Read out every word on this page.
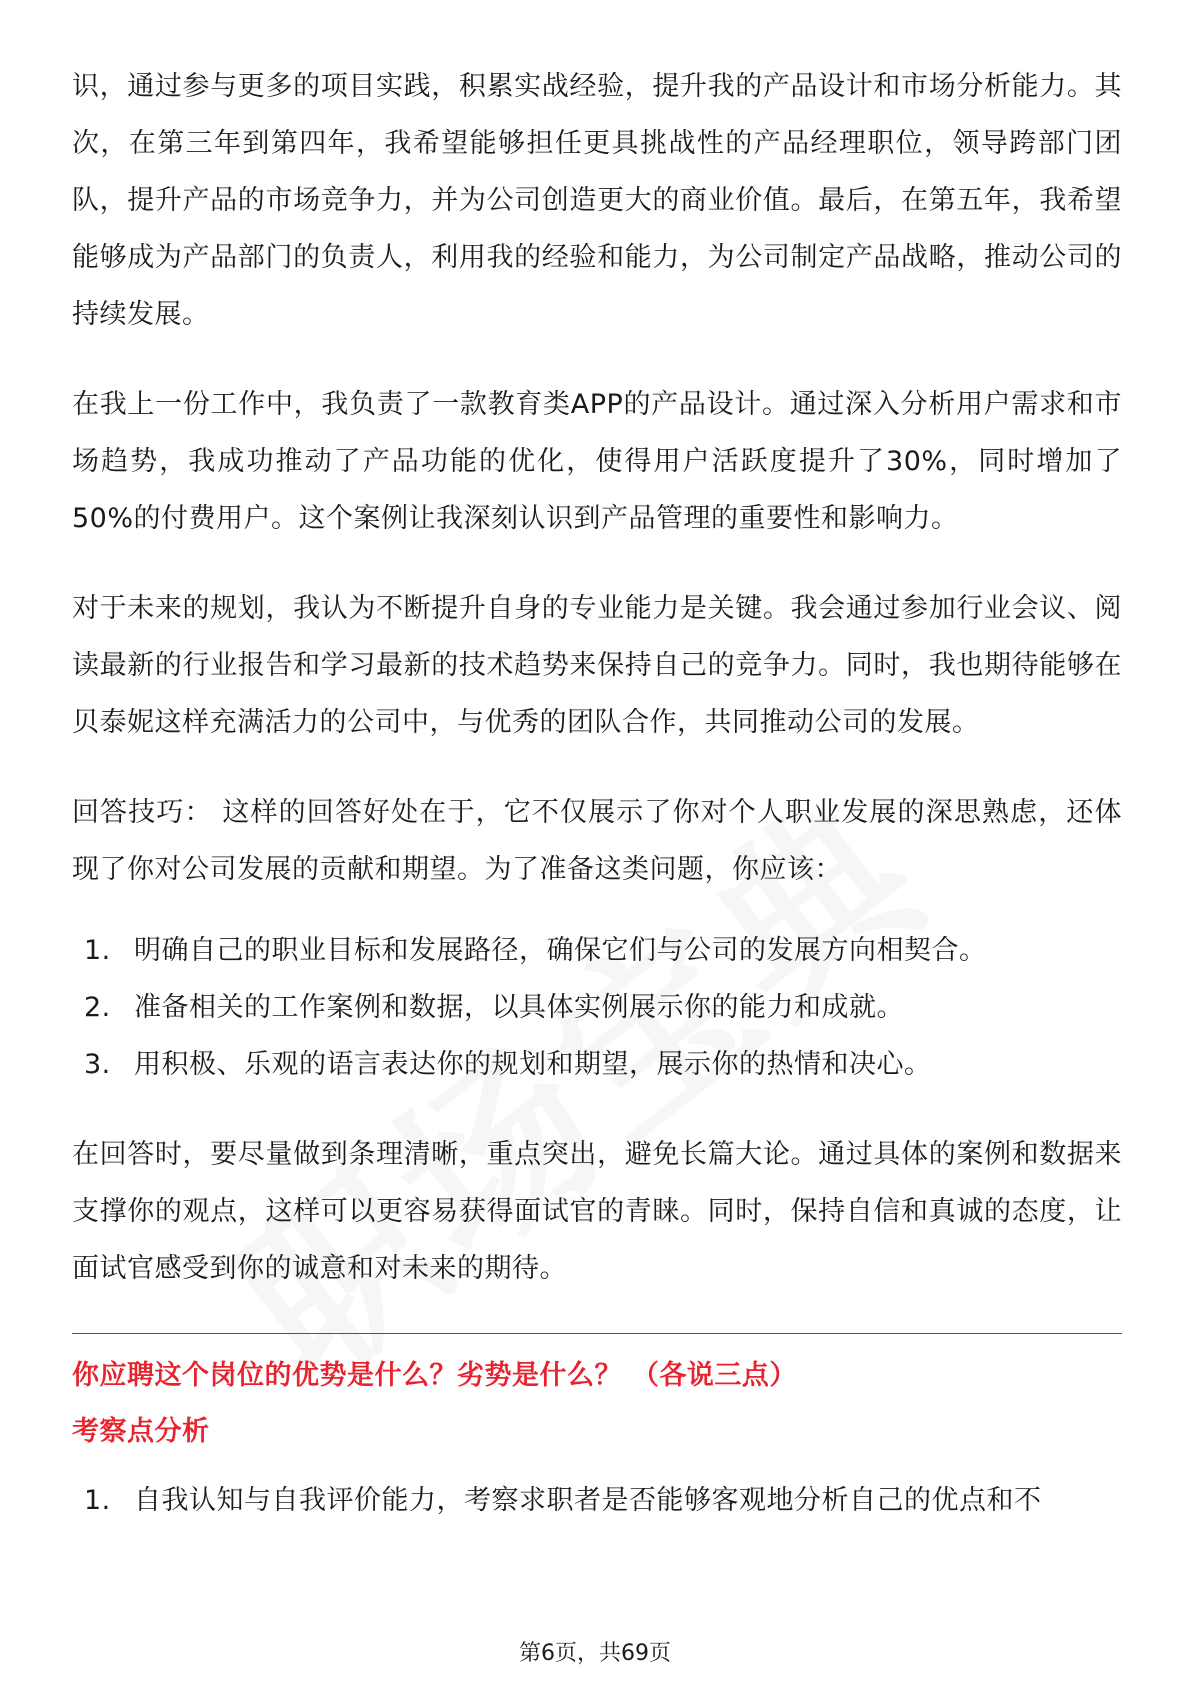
识，通过参与更多的项目实践，积累实战经验，提升我的产品设计和市场分析能力。其次，在第三年到第四年，我希望能够担任更具挑战性的产品经理职位，领导跨部门团队，提升产品的市场竞争力，并为公司创造更大的商业价值。最后，在第五年，我希望能够成为产品部门的负责人，利用我的经验和能力，为公司制定产品战略，推动公司的持续发展。

在我上一份工作中，我负责了一款教育类APP的产品设计。通过深入分析用户需求和市场趋势，我成功推动了产品功能的优化，使得用户活跃度提升了30%，同时增加了50%的付费用户。这个案例让我深刻认识到产品管理的重要性和影响力。

对于未来的规划，我认为不断提升自身的专业能力是关键。我会通过参加行业会议、阅读最新的行业报告和学习最新的技术趋势来保持自己的竞争力。同时，我也期待能够在贝泰妮这样充满活力的公司中，与优秀的团队合作，共同推动公司的发展。

回答技巧： 这样的回答好处在于，它不仅展示了你对个人职业发展的深思熟虑，还体现了你对公司发展的贡献和期望。为了准备这类问题，你应该：

1. 明确自己的职业目标和发展路径，确保它们与公司的发展方向相契合。
2. 准备相关的工作案例和数据，以具体实例展示你的能力和成就。
3. 用积极、乐观的语言表达你的规划和期望，展示你的热情和决心。

在回答时，要尽量做到条理清晰，重点突出，避免长篇大论。通过具体的案例和数据来支撑你的观点，这样可以更容易获得面试官的青睐。同时，保持自信和真诚的态度，让面试官感受到你的诚意和对未来的期待。

你应聘这个岗位的优势是什么？劣势是什么？ （各说三点）
考察点分析
1. 自我认知与自我评价能力，考察求职者是否能够客观地分析自己的优点和不
第6页，共69页
